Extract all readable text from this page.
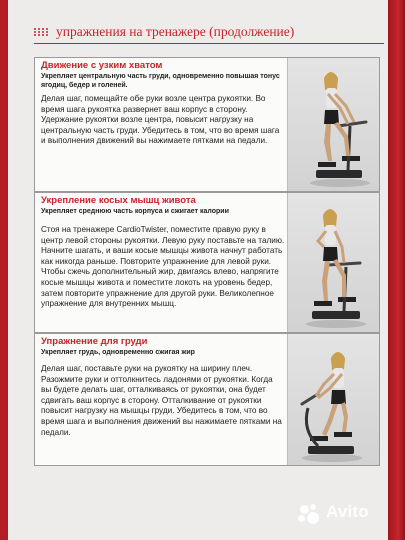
упражнения на тренажере (продолжение)
Движение с узким хватом
Укрепляет центральную часть груди, одновременно повышая тонус ягодиц, бедер и голеней.
Делая шаг, помещайте обе руки возле центра рукоятки. Во время шага рукоятка развернет ваш корпус в сторону. Удержание рукоятки возле центра, повысит нагрузку на центральную часть груди. Убедитесь в том, что во время шага и выполнения движений вы нажимаете пятками на педали.
Укрепление косых мышц живота
Укрепляет среднюю часть корпуса и сжигает калории
Стоя на тренажере CardioTwister, поместите правую руку в центр левой стороны рукоятки. Левую руку поставьте на талию. Начните шагать, и ваши косые мышцы живота начнут работать как никогда раньше. Повторите упражнение для левой руки. Чтобы сжечь дополнительный жир, двигаясь влево, напрягите косые мышцы живота и поместите локоть на уровень бедер, затем повторите упражнение для другой руки. Великолепное упражнение для внутренних мышц.
Упражнение для груди
Укрепляет грудь, одновременно сжигая жир
Делая шаг, поставьте руки на рукоятку на ширину плеч. Разожмите руки и оттолкнитесь ладонями от рукоятки. Когда вы будете делать шаг, отталкиваясь от рукоятки, она будет сдвигать ваш корпус в сторону. Отталкивание от рукоятки повысит нагрузку на мышцы груди. Убедитесь в том, что во время шага и выполнения движений вы нажимаете пятками на педали.
Avito
